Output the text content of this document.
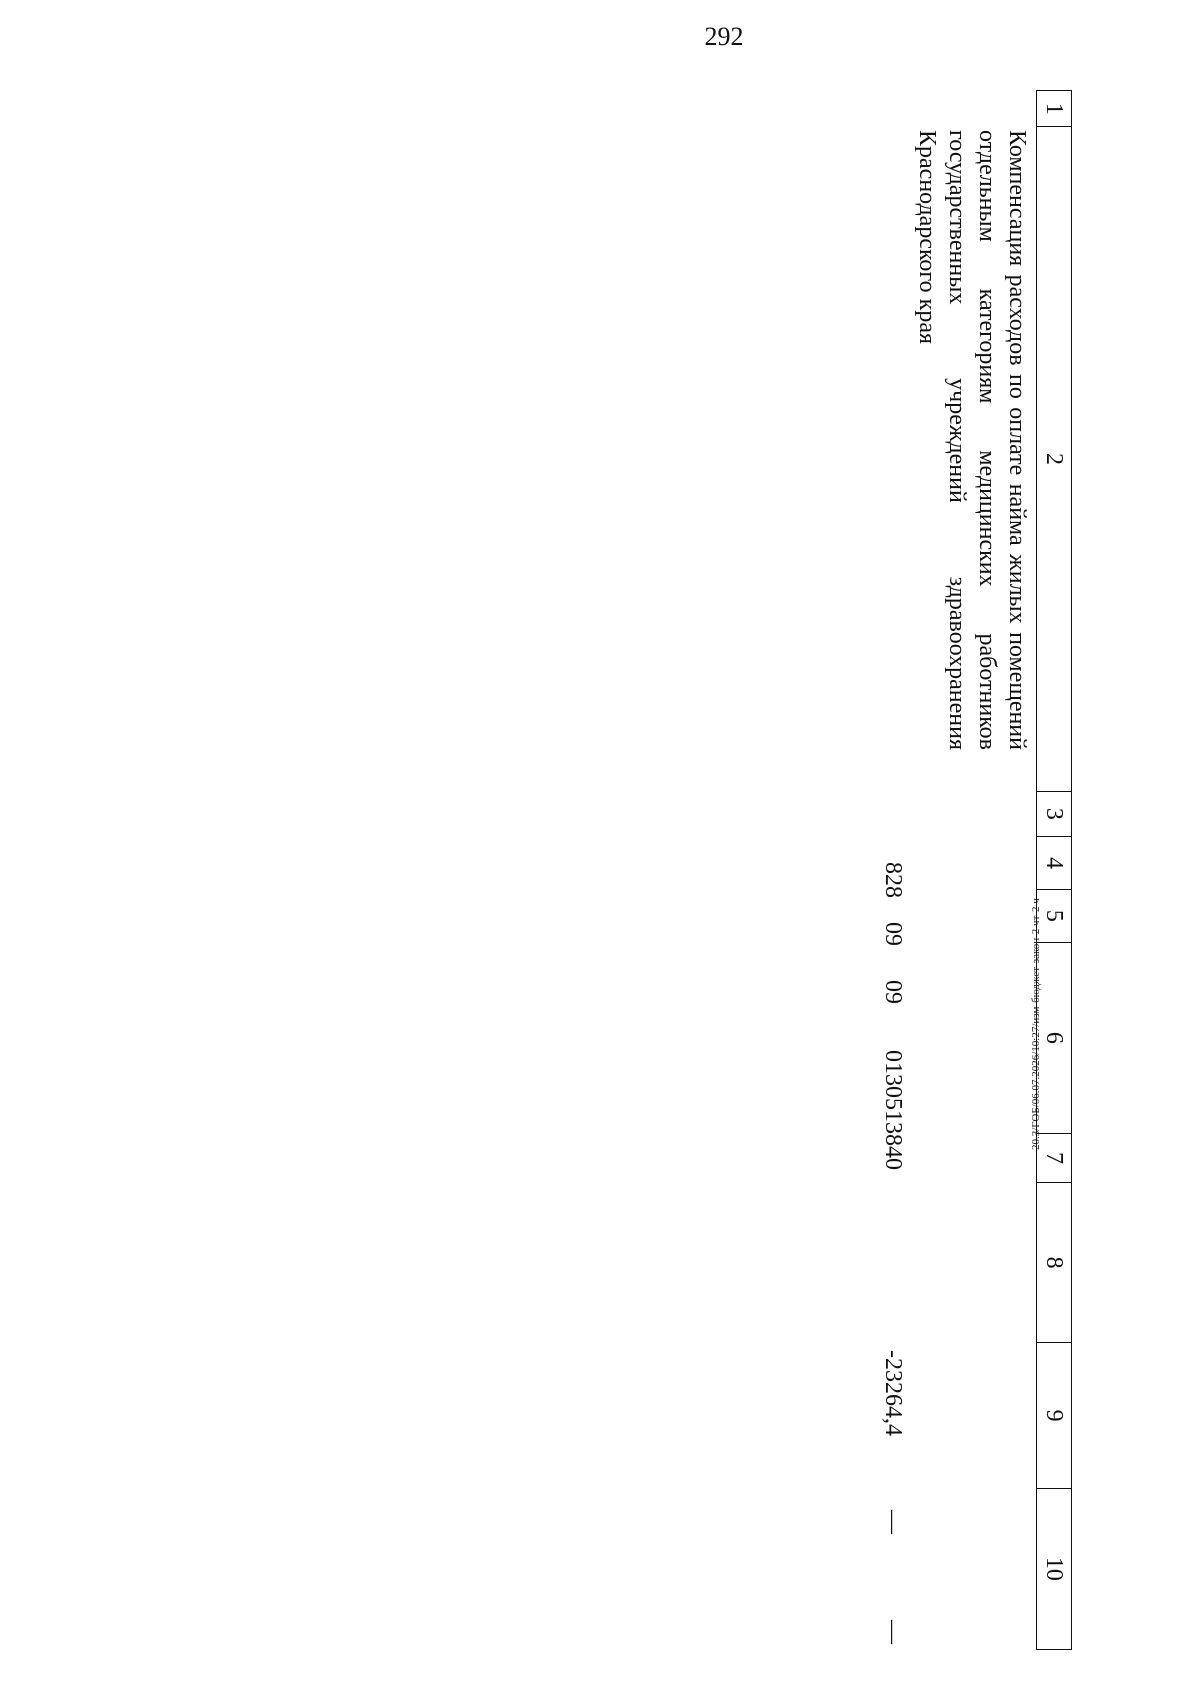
292
20.3/ГОБ/06.07.2026/10:27/изм-бюджет-закон-2 чт-2 ч
1
2
3
4
5
6
7
8
9
10
Компенсация расходов по оплате найма жилых помещений отдельным категориям медицинских работников государственных учреждений здравоохранения Краснодарского края
828
09
09
0130513840
-23264,4
—
—
